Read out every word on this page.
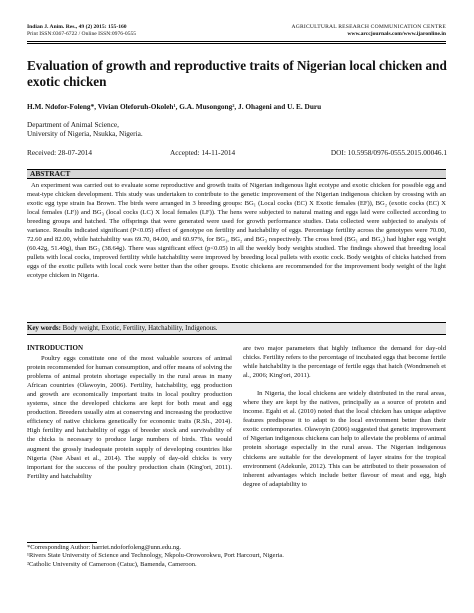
Indian J. Anim. Res., 49 (2) 2015: 155-160
Print ISSN:0367-6722 / Online ISSN:0976-0555
AGRICULTURAL RESEARCH COMMUNICATION CENTRE
www.arccjournals.com/www.ijaronline.in
Evaluation of growth and reproductive traits of Nigerian local chicken and exotic chicken
H.M. Ndofor-Foleng*, Vivian Oleforuh-Okoleh¹, G.A. Musongong², J. Ohageni and U. E. Duru
Department of Animal Science,
University of Nigeria, Nsukka, Nigeria.
Received: 28-07-2014	Accepted: 14-11-2014	DOI: 10.5958/0976-0555.2015.00046.1
ABSTRACT
An experiment was carried out to evaluate some reproductive and growth traits of Nigerian indigenous light ecotype and exotic chicken for possible egg and meat-type chicken development. This study was undertaken to contribute to the genetic improvement of the Nigerian indigenous chicken by crossing with an exotic egg type strain Isa Brown. The birds were arranged in 3 breeding groups: BG₁ (Local cocks (EC) X Exotic females (EF)), BG₂ (exotic cocks (EC) X local females (LF)) and BG₃ (local cocks (LC) X local females (LF)). The hens were subjected to natural mating and eggs laid were collected according to breeding groups and hatched. The offsprings that were generated were used for growth performance studies. Data collected were subjected to analysis of variance. Results indicated significant (P<0.05) effect of genotype on fertility and hatchability of eggs. Percentage fertility across the genotypes were 70.00, 72.60 and 82.00, while hatchability was 69.70, 84.00, and 60.97%, for BG₁, BG₂ and BG₃ respectively. The cross bred (BG₁ and BG₂) had higher egg weight (60.42g, 51.40g), than BG₃ (38.64g). There was significant effect (p<0.05) in all the weekly body weights studied. The findings showed that breeding local pullets with local cocks, improved fertility while hatchability were improved by breeding local pullets with exotic cock. Body weights of chicks hatched from eggs of the exotic pullets with local cock were better than the other groups. Exotic chickens are recommended for the improvement body weight of the light ecotype chicken in Nigeria.
Key words: Body weight, Exotic, Fertility, Hatchability, Indigenous.
INTRODUCTION

Poultry eggs constitute one of the most valuable sources of animal protein recommended for human consumption, and offer means of solving the problems of animal protein shortage especially in the rural areas in many African countries (Olawoyin, 2006). Fertility, hatchability, egg production and growth are economically important traits in local poultry production systems, since the developed chickens are kept for both meat and egg production. Breeders usually aim at conserving and increasing the productive efficiency of native chickens genetically for economic traits (R.Sh., 2014). High fertility and hatchability of eggs of breeder stock and survivability of the chicks is necessary to produce large numbers of birds. This would augment the grossly inadequate protein supply of developing countries like Nigeria (Nse Abasi et al., 2014). The supply of day-old chicks is very important for the success of the poultry production chain (King'ori, 2011). Fertility and hatchability

are two major parameters that highly influence the demand for day-old chicks. Fertility refers to the percentage of incubated eggs that become fertile while hatchability is the percentage of fertile eggs that hatch (Wondmeneh et al., 2006; King'ori, 2011).

In Nigeria, the local chickens are widely distributed in the rural areas, where they are kept by the natives, principally as a source of protein and income. Egahi et al. (2010) noted that the local chicken has unique adaptive features predispose it to adapt to the local environment better than their exotic contemporaries. Olawoyin (2006) suggested that genetic improvement of Nigerian indigenous chickens can help to alleviate the problems of animal protein shortage especially in the rural areas. The Nigerian indigenous chickens are suitable for the development of layer strains for the tropical environment (Adekunle, 2012). This can be attributed to their possession of inherent advantages which include better flavour of meat and egg, high degree of adaptability to

*Corresponding Author: harriet.ndoforfoleng@unn.edu.ng.
¹Rivers State University of Science and Technology, Nkpolu-Oroworokwu, Port Harcourt, Nigeria.
²Catholic University of Cameroon (Catuc), Bamenda, Cameroon.
